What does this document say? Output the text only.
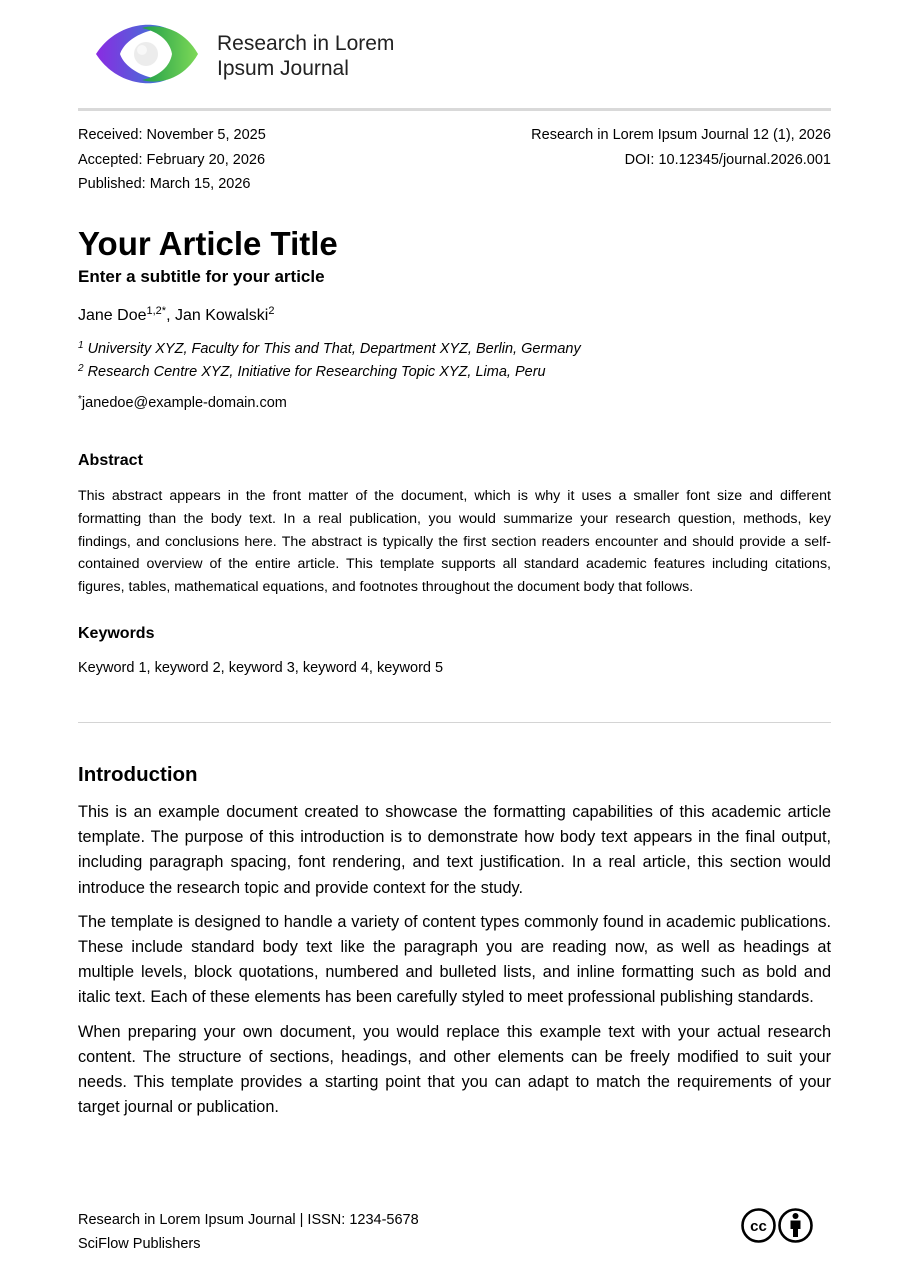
Research in Lorem
Ipsum Journal
Received: November 5, 2025
Accepted: February 20, 2026
Published: March 15, 2026
Research in Lorem Ipsum Journal 12 (1), 2026
DOI: 10.12345/journal.2026.001
Your Article Title
Enter a subtitle for your article
Jane Doe$^{1,2*}$, Jan Kowalski$^2$
$^1$ University XYZ, Faculty for This and That, Department XYZ, Berlin, Germany
$^2$ Research Centre XYZ, Initiative for Researching Topic XYZ, Lima, Peru
*janedoe@example-domain.com
Abstract
This abstract appears in the front matter of the document, which is why it uses a smaller font size and different formatting than the body text. In a real publication, you would summarize your research question, methods, key findings, and conclusions here. The abstract is typically the first section readers encounter and should provide a self-contained overview of the entire article. This template supports all standard academic features including citations, figures, tables, mathematical equations, and footnotes throughout the document body that follows.
Keywords
Keyword 1, keyword 2, keyword 3, keyword 4, keyword 5
Introduction

This is an example document created to showcase the formatting capabilities of this academic article template. The purpose of this introduction is to demonstrate how body text appears in the final output, including paragraph spacing, font rendering, and text justification. In a real article, this section would introduce the research topic and provide context for the study.

The template is designed to handle a variety of content types commonly found in academic publications. These include standard body text like the paragraph you are reading now, as well as headings at multiple levels, block quotations, numbered and bulleted lists, and inline formatting such as bold and italic text. Each of these elements has been carefully styled to meet professional publishing standards.

When preparing your own document, you would replace this example text with your actual research content. The structure of sections, headings, and other elements can be freely modified to suit your needs. This template provides a starting point that you can adapt to match the requirements of your target journal or publication.

Research in Lorem Ipsum Journal | ISSN: 1234-5678
SciFlow Publishers
cc
